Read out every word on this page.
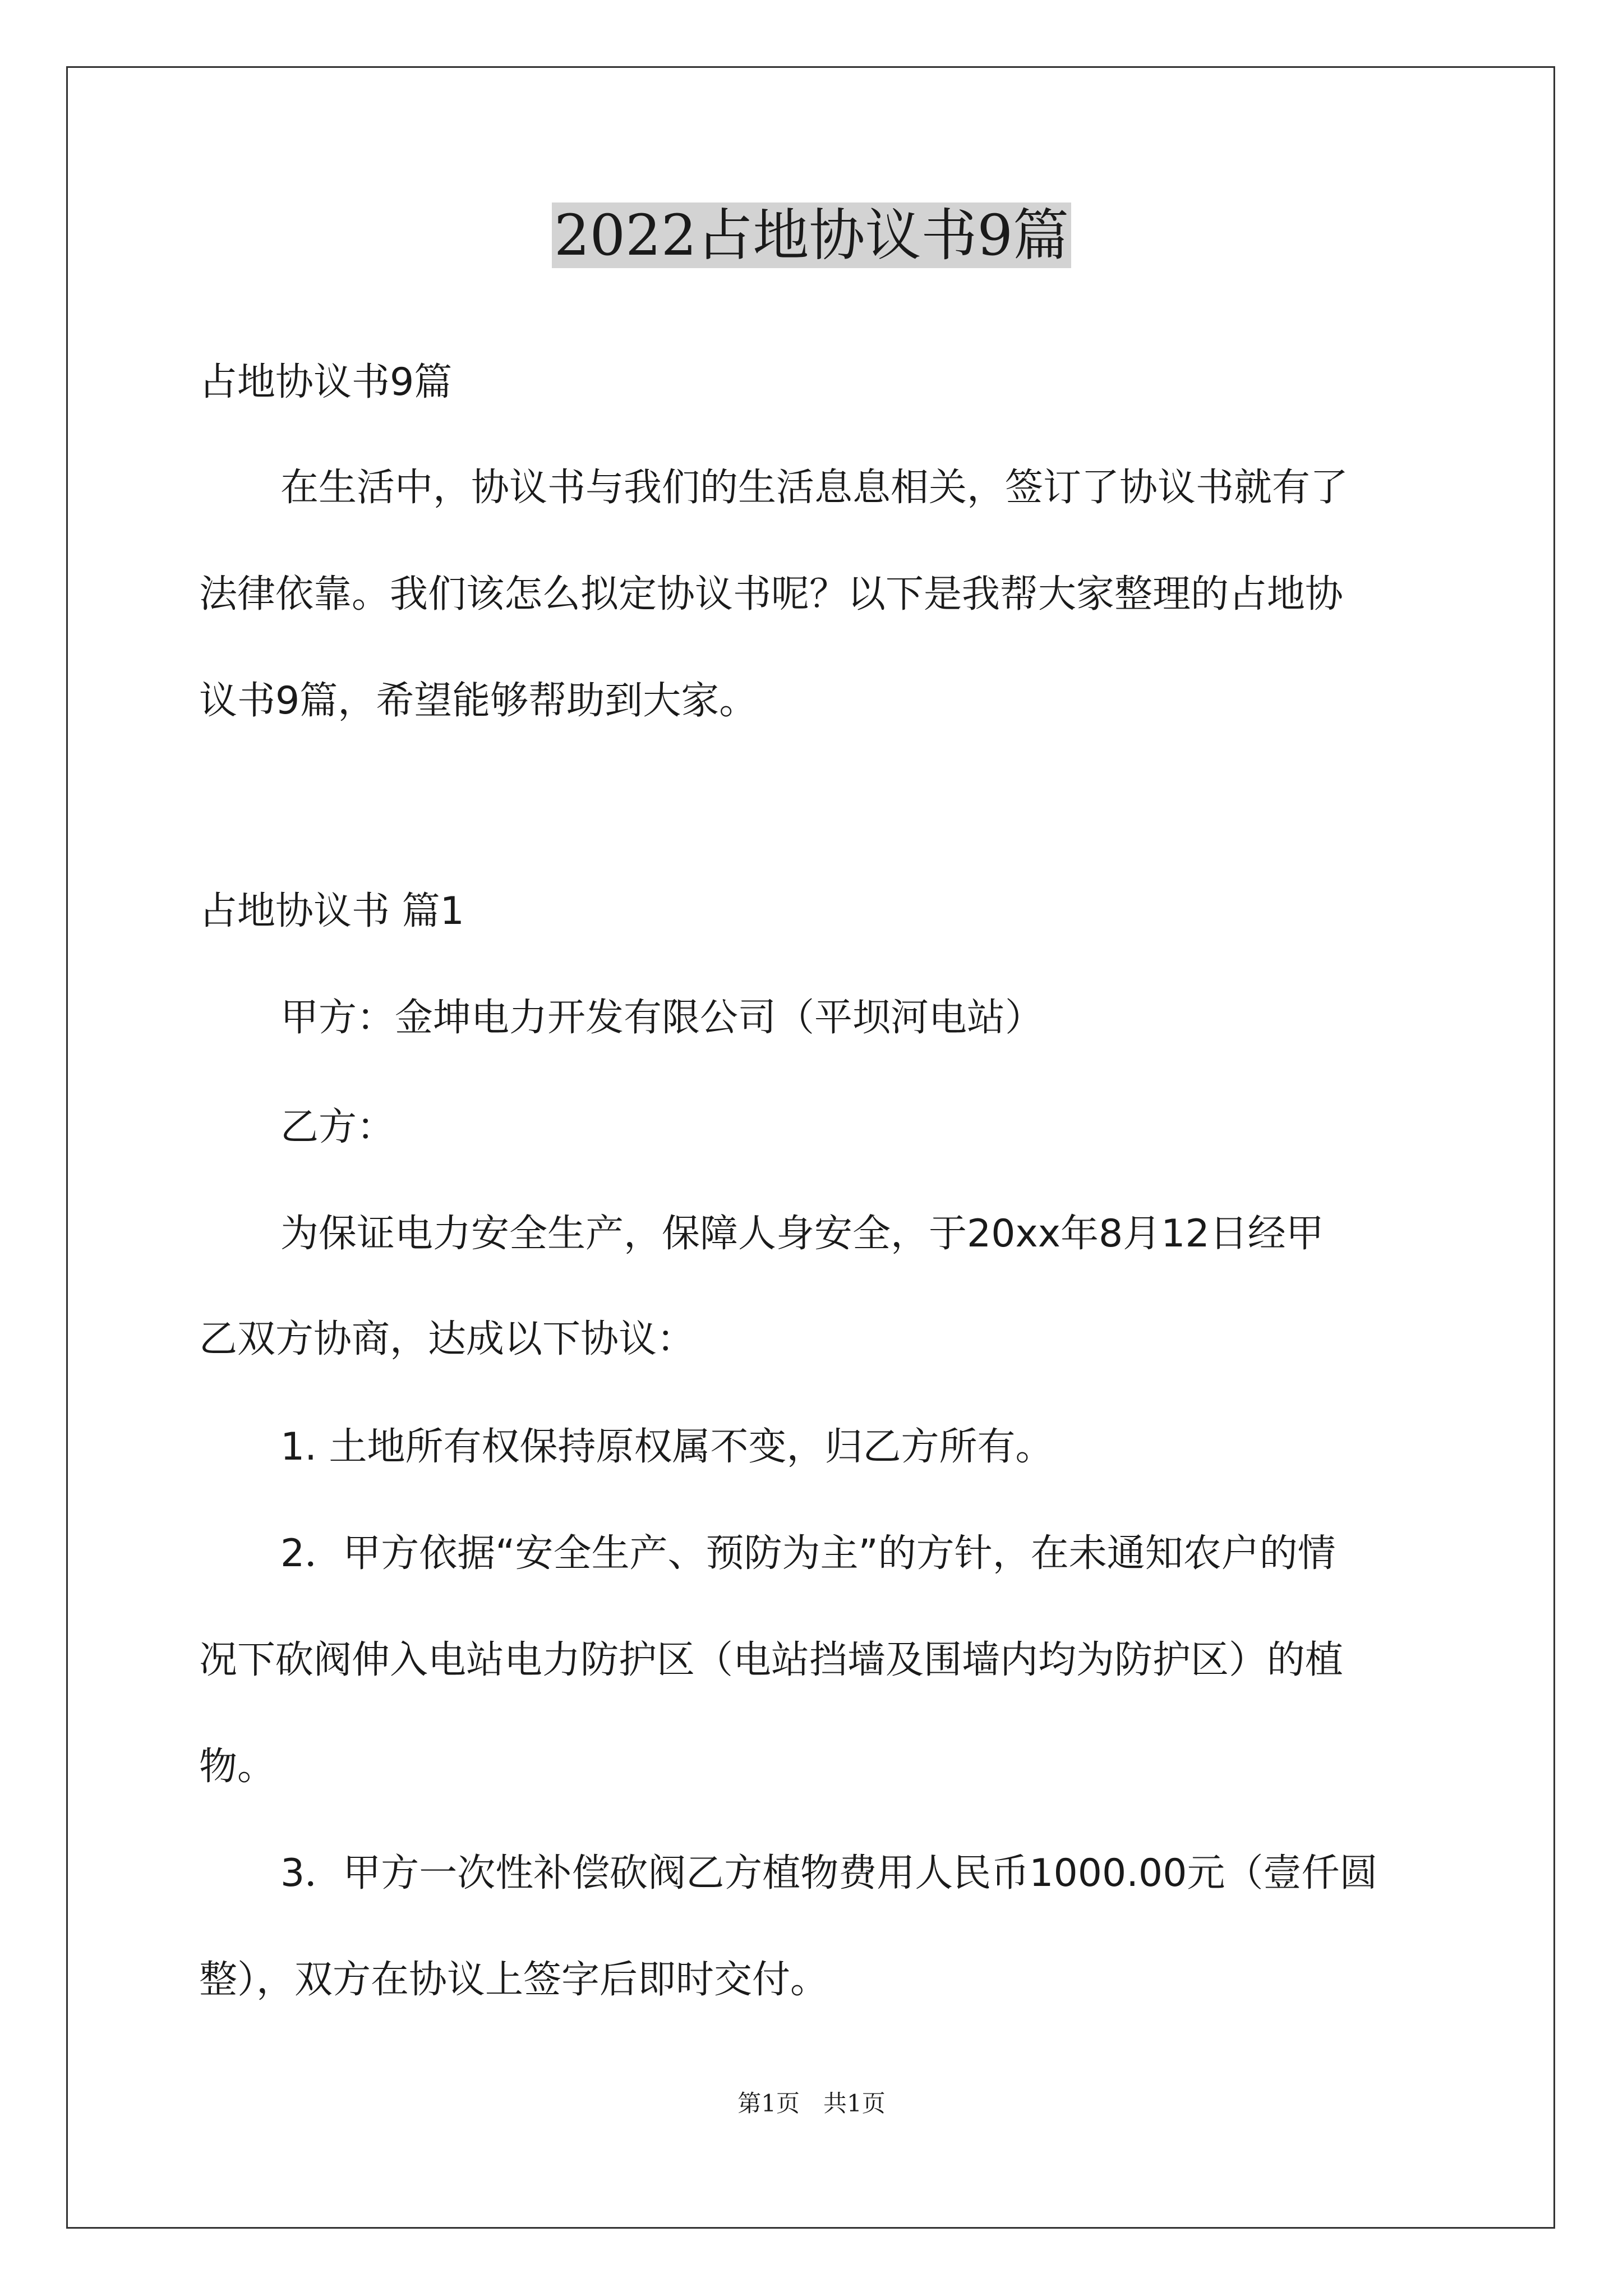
2022占地协议书9篇
占地协议书9篇
在生活中，协议书与我们的生活息息相关，签订了协议书就有了
法律依靠。我们该怎么拟定协议书呢？以下是我帮大家整理的占地协
议书9篇，希望能够帮助到大家。
占地协议书 篇1
甲方：金坤电力开发有限公司（平坝河电站）
乙方：
为保证电力安全生产，保障人身安全，于20xx年8月12日经甲
乙双方协商，达成以下协议：
1. 土地所有权保持原权属不变，归乙方所有。
2．甲方依据“安全生产、预防为主”的方针，在未通知农户的情
况下砍阀伸入电站电力防护区（电站挡墙及围墙内均为防护区）的植
物。
3．甲方一次性补偿砍阀乙方植物费用人民币1000.00元（壹仟圆
整），双方在协议上签字后即时交付。
第1页　共1页
